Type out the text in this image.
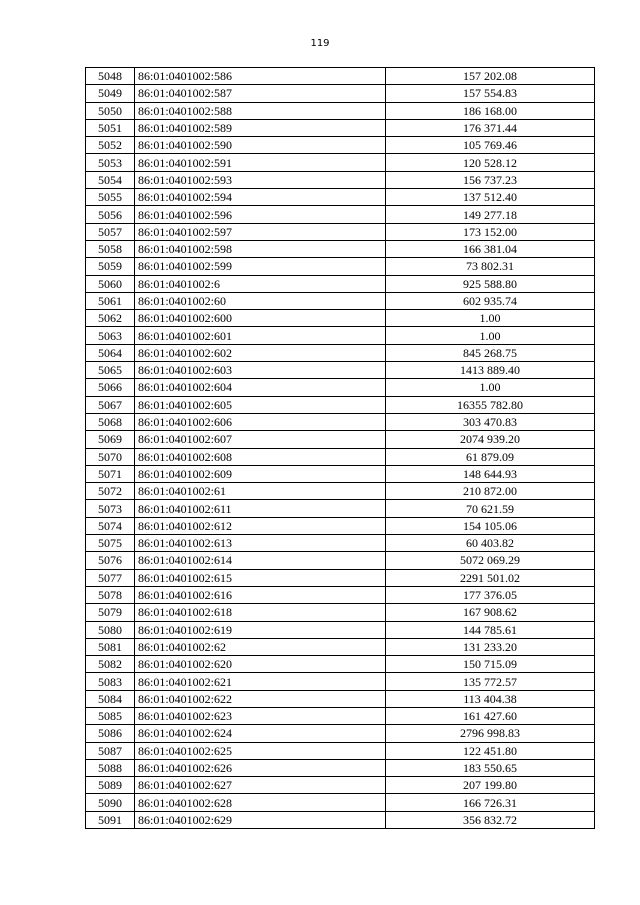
119
5048	86:01:0401002:586	157 202.08
5049	86:01:0401002:587	157 554.83
5050	86:01:0401002:588	186 168.00
5051	86:01:0401002:589	176 371.44
5052	86:01:0401002:590	105 769.46
5053	86:01:0401002:591	120 528.12
5054	86:01:0401002:593	156 737.23
5055	86:01:0401002:594	137 512.40
5056	86:01:0401002:596	149 277.18
5057	86:01:0401002:597	173 152.00
5058	86:01:0401002:598	166 381.04
5059	86:01:0401002:599	73 802.31
5060	86:01:0401002:6	925 588.80
5061	86:01:0401002:60	602 935.74
5062	86:01:0401002:600	1.00
5063	86:01:0401002:601	1.00
5064	86:01:0401002:602	845 268.75
5065	86:01:0401002:603	1413 889.40
5066	86:01:0401002:604	1.00
5067	86:01:0401002:605	16355 782.80
5068	86:01:0401002:606	303 470.83
5069	86:01:0401002:607	2074 939.20
5070	86:01:0401002:608	61 879.09
5071	86:01:0401002:609	148 644.93
5072	86:01:0401002:61	210 872.00
5073	86:01:0401002:611	70 621.59
5074	86:01:0401002:612	154 105.06
5075	86:01:0401002:613	60 403.82
5076	86:01:0401002:614	5072 069.29
5077	86:01:0401002:615	2291 501.02
5078	86:01:0401002:616	177 376.05
5079	86:01:0401002:618	167 908.62
5080	86:01:0401002:619	144 785.61
5081	86:01:0401002:62	131 233.20
5082	86:01:0401002:620	150 715.09
5083	86:01:0401002:621	135 772.57
5084	86:01:0401002:622	113 404.38
5085	86:01:0401002:623	161 427.60
5086	86:01:0401002:624	2796 998.83
5087	86:01:0401002:625	122 451.80
5088	86:01:0401002:626	183 550.65
5089	86:01:0401002:627	207 199.80
5090	86:01:0401002:628	166 726.31
5091	86:01:0401002:629	356 832.72
